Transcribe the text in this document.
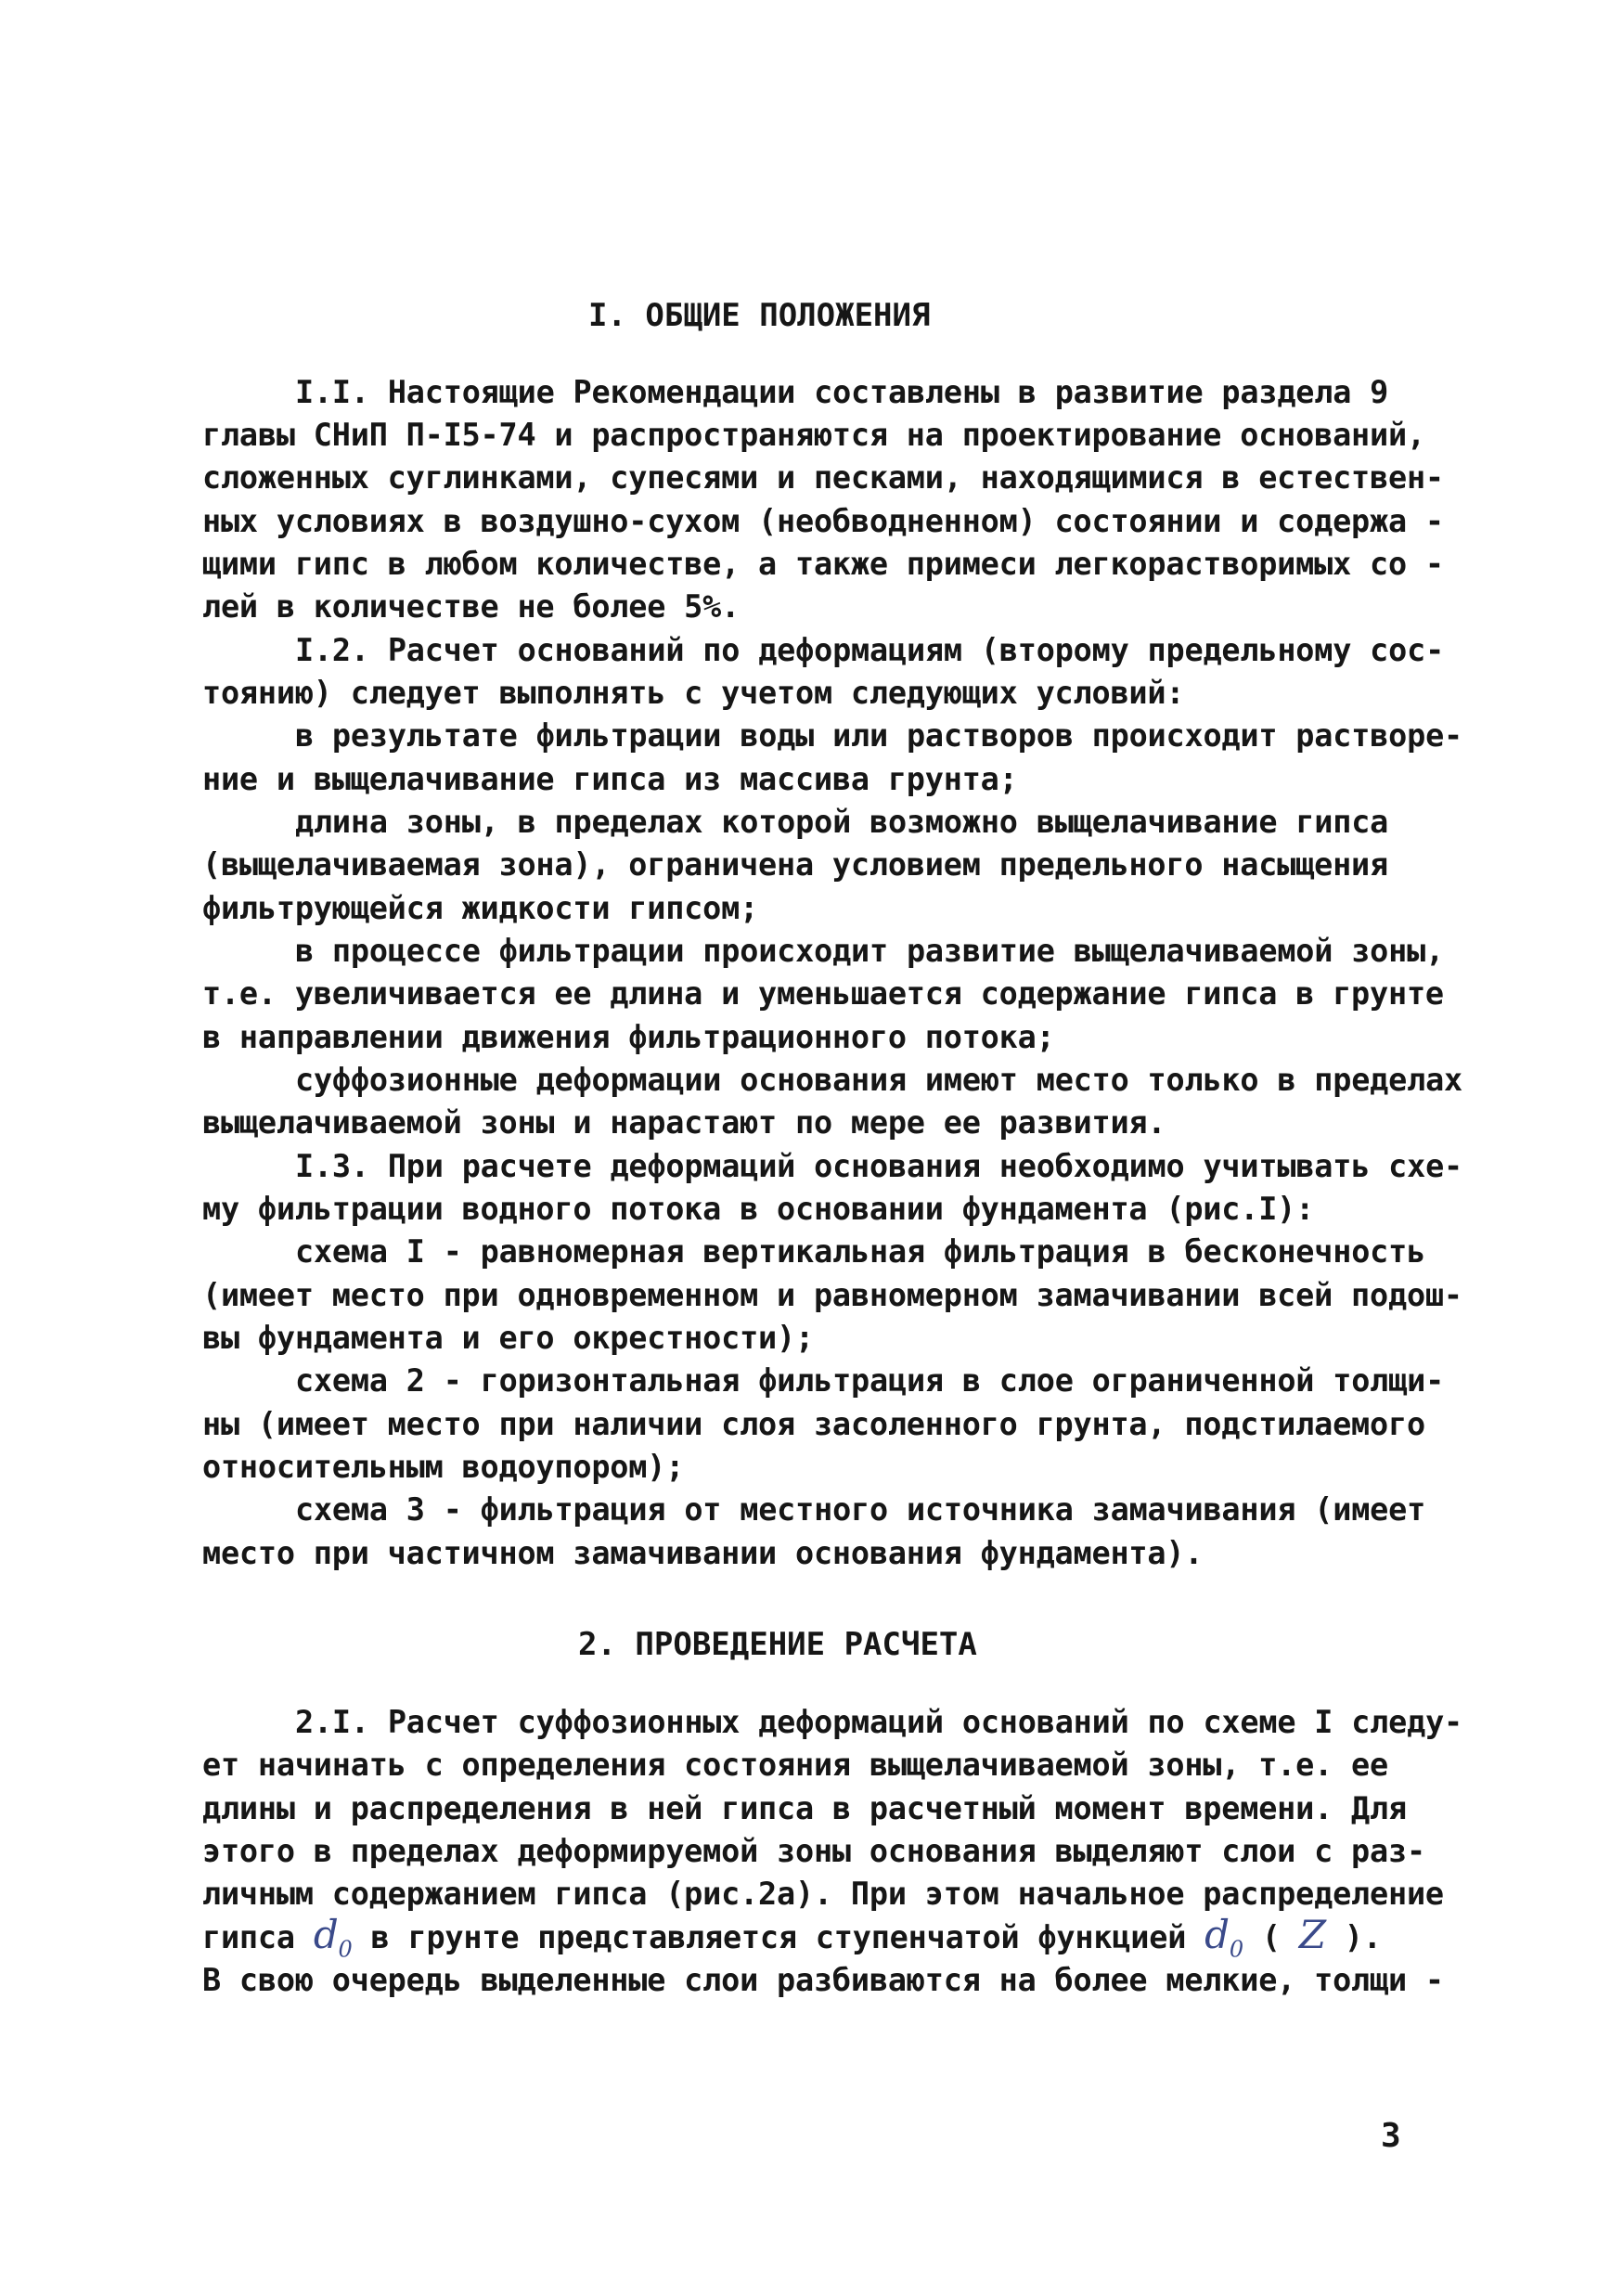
I. ОБЩИЕ ПОЛОЖЕНИЯ
I.I. Настоящие Рекомендации составлены в развитие раздела 9
главы СНиП П-I5-74 и распространяются на проектирование оснований,
сложенных суглинками, супесями и песками, находящимися в естествен-
ных условиях в воздушно-сухом (необводненном) состоянии и содержа -
щими гипс в любом количестве, а также примеси легкорастворимых со -
лей в количестве не более 5%.
I.2. Расчет оснований по деформациям (второму предельному сос-
тоянию) следует выполнять с учетом следующих условий:
в результате фильтрации воды или растворов происходит растворе-
ние и выщелачивание гипса из массива грунта;
длина зоны, в пределах которой возможно выщелачивание гипса
(выщелачиваемая зона), ограничена условием предельного насыщения
фильтрующейся жидкости гипсом;
в процессе фильтрации происходит развитие выщелачиваемой зоны,
т.е. увеличивается ее длина и уменьшается содержание гипса в грунте
в направлении движения фильтрационного потока;
суффозионные деформации основания имеют место только в пределах
выщелачиваемой зоны и нарастают по мере ее развития.
I.3. При расчете деформаций основания необходимо учитывать схе-
му фильтрации водного потока в основании фундамента (рис.I):
схема I - равномерная вертикальная фильтрация в бесконечность
(имеет место при одновременном и равномерном замачивании всей подош-
вы фундамента и его окрестности);
схема 2 - горизонтальная фильтрация в слое ограниченной толщи-
ны (имеет место при наличии слоя засоленного грунта, подстилаемого
относительным водоупором);
схема 3 - фильтрация от местного источника замачивания (имеет
место при частичном замачивании основания фундамента).
2. ПРОВЕДЕНИЕ РАСЧЕТА
2.I. Расчет суффозионных деформаций оснований по схеме I следу-
ет начинать с определения состояния выщелачиваемой зоны, т.е. ее
длины и распределения в ней гипса в расчетный момент времени. Для
этого в пределах деформируемой зоны основания выделяют слои с раз-
личным содержанием гипса (рис.2а). При этом начальное распределение
гипса $d_0$ в грунте представляется ступенчатой функцией $d_0$ ( Z ).
В свою очередь выделенные слои разбиваются на более мелкие, толщи -
3
